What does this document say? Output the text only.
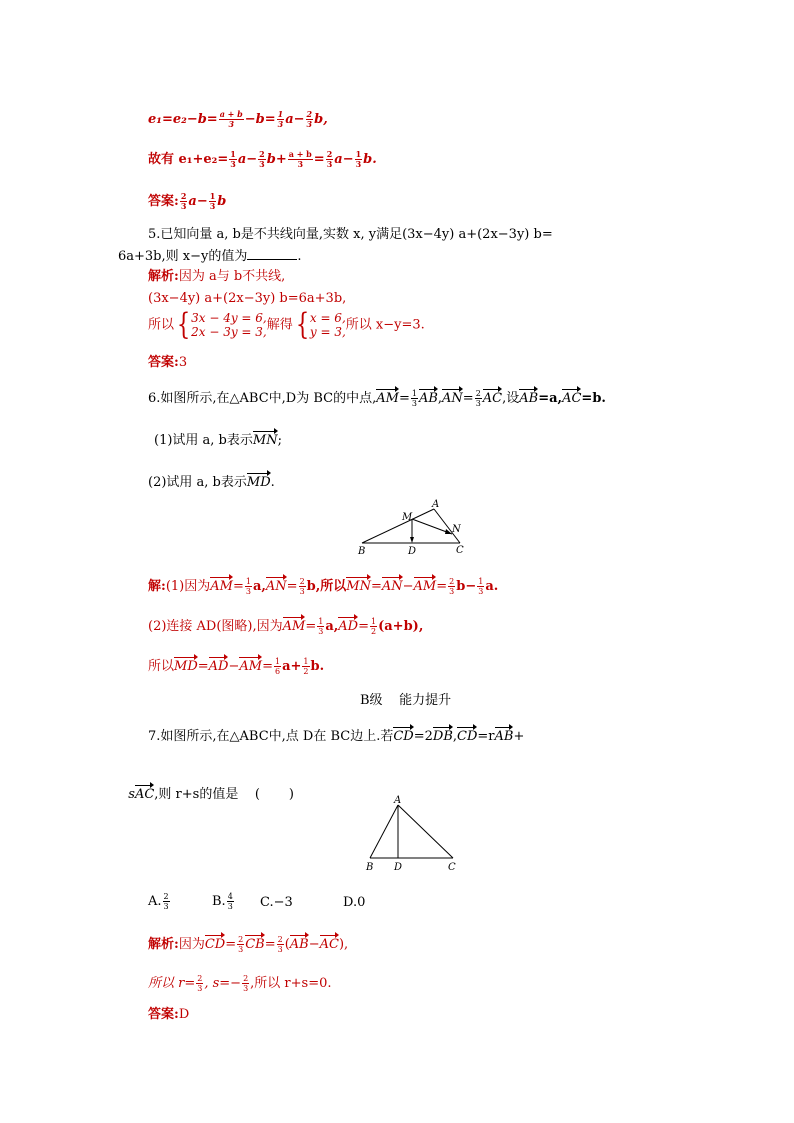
$e_1=e_2-b= \frac{a + b}{3} -b= \frac{1}{3} a- \frac{2}{3} b$,
故有 $e_1+e_2= \frac{1}{3} a- \frac{2}{3} b+ \frac{a + b}{3} = \frac{2}{3} a- \frac{1}{3} b$.
答案: $\frac{2}{3} a- \frac{1}{3}$ b
5.已知向量 a, b是不共线向量,实数 x, y满足(3x−4y) a+(2x−3y) b=
6a+3b,则 x−y的值为	.
解析:因为 a与 b不共线,
(3x−4y) a+(2x−3y) b=6a+3b,
所以{ 3x − 4y = 6,
2x − 3y = 3, 解得{ x = 6,
y = 3, 所以 x−y=3.
答案:3
6.如图所示,在△ABC中,D为 BC的中点$,AM= \frac{1}{3} AB,AN= \frac{2}{3}$ AC,设AB=a,AC=b.
(1)试用 a, b表示MN;
(2)试用 a, b表示MD.
A
M
N
B	D	C
解:(1)因为$AM= \frac{1}{3} a,AN= \frac{2}{3} b$,所以$MN=AN-AM= \frac{2}{3} b- \frac{1}{3} a$.
(2)连接 AD(图略),因为$AM= \frac{1}{3} a,AD= \frac{1}{2} (a+b)$,
所以$MD=AD-AM= \frac{1}{6} a+ \frac{1}{2} b$.
B级    能力提升
7.如图所示,在△ABC中,点 D在 BC边上.若CD=2DB,CD=rAB+

sAC,则 r+s的值是 (       )	A
B D	C
A. $\frac{2}{3}$	B. $\frac{4}{3} C.-3$	D.0
解析:因为$CD= \frac{2}{3} CB= \frac{2}{3} (AB-AC)$,
所以 $r= \frac{2}{3}$ , $s=- \frac{2}{3}$ ,所以 r+s=0.
答案:D
